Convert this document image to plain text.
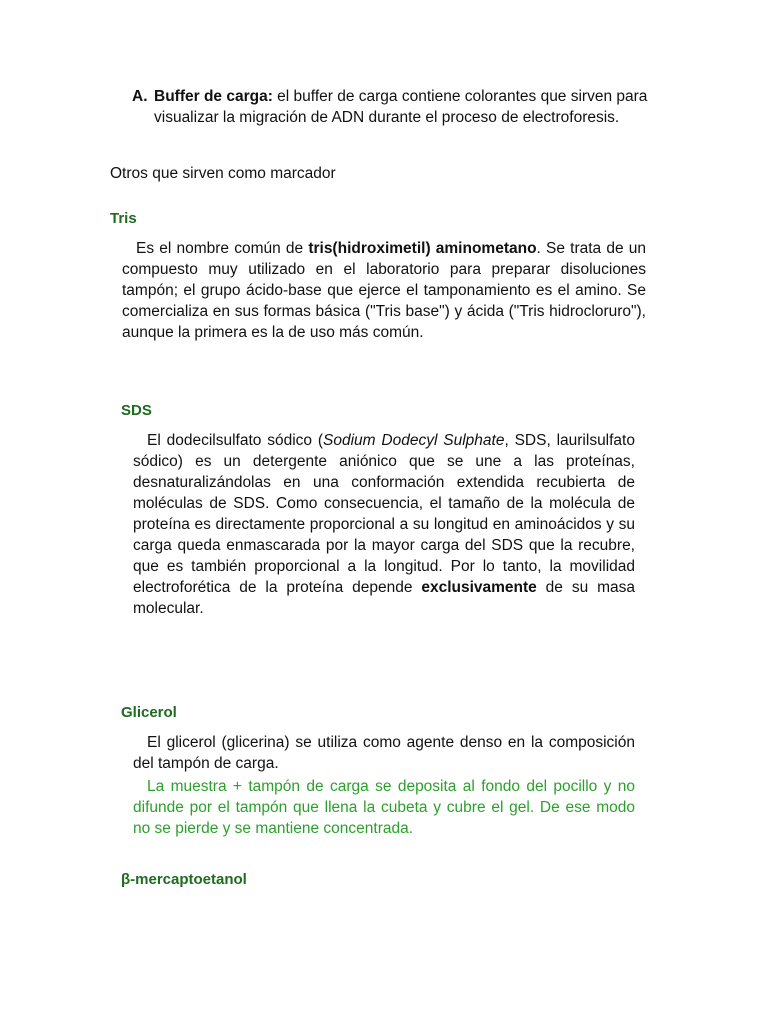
A. Buffer de carga: el buffer de carga contiene colorantes que sirven para visualizar la migración de ADN durante el proceso de electroforesis.
Otros que sirven como marcador
Tris

Es el nombre común de tris(hidroximetil) aminometano. Se trata de un compuesto muy utilizado en el laboratorio para preparar disoluciones tampón; el grupo ácido-base que ejerce el tamponamiento es el amino. Se comercializa en sus formas básica ("Tris base") y ácida ("Tris hidrocloruro"), aunque la primera es la de uso más común.

SDS

El dodecilsulfato sódico (Sodium Dodecyl Sulphate, SDS, laurilsulfato sódico) es un detergente aniónico que se une a las proteínas, desnaturalizándolas en una conformación extendida recubierta de moléculas de SDS. Como consecuencia, el tamaño de la molécula de proteína es directamente proporcional a su longitud en aminoácidos y su carga queda enmascarada por la mayor carga del SDS que la recubre, que es también proporcional a la longitud. Por lo tanto, la movilidad electroforética de la proteína depende exclusivamente de su masa molecular.

Glicerol

El glicerol (glicerina) se utiliza como agente denso en la composición del tampón de carga.

La muestra + tampón de carga se deposita al fondo del pocillo y no difunde por el tampón que llena la cubeta y cubre el gel. De ese modo no se pierde y se mantiene concentrada.

β-mercaptoetanol
